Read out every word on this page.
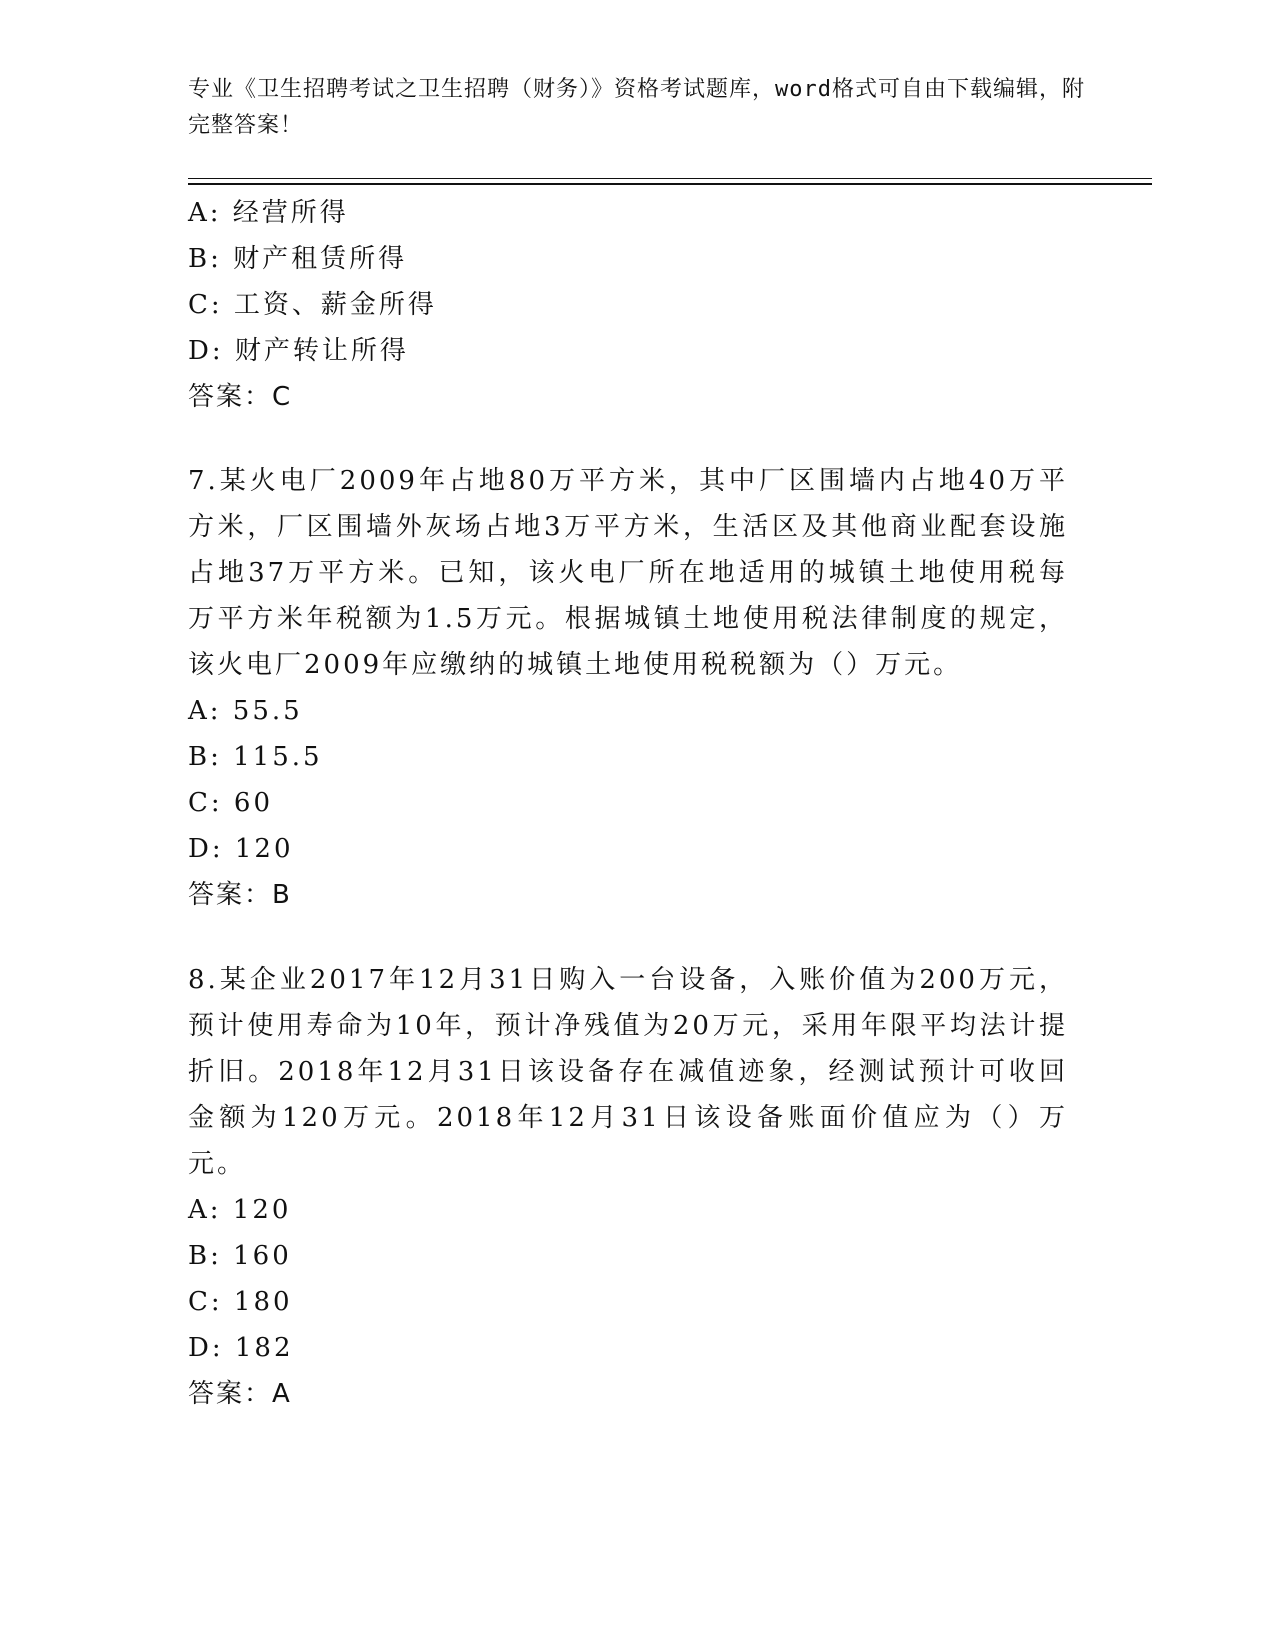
专业《卫生招聘考试之卫生招聘（财务）》资格考试题库，word格式可自由下载编辑，附完整答案！
A: 经营所得
B: 财产租赁所得
C: 工资、薪金所得
D: 财产转让所得
答案：C
7.某火电厂2009年占地80万平方米，其中厂区围墙内占地40万平方米，厂区围墙外灰场占地3万平方米，生活区及其他商业配套设施占地37万平方米。已知，该火电厂所在地适用的城镇土地使用税每万平方米年税额为1.5万元。根据城镇土地使用税法律制度的规定，该火电厂2009年应缴纳的城镇土地使用税税额为（）万元。
A: 55.5
B: 115.5
C: 60
D: 120
答案：B
8.某企业2017年12月31日购入一台设备，入账价值为200万元，预计使用寿命为10年，预计净残值为20万元，采用年限平均法计提折旧。2018年12月31日该设备存在减值迹象，经测试预计可收回金额为120万元。2018年12月31日该设备账面价值应为（）万元。
A: 120
B: 160
C: 180
D: 182
答案：A
